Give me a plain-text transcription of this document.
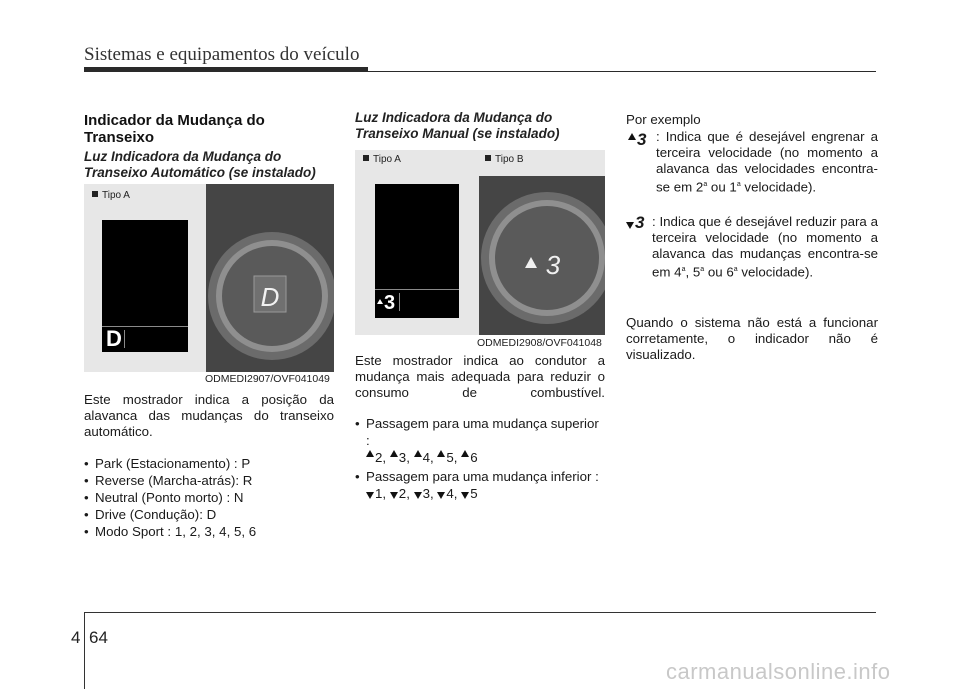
Sistemas e equipamentos do veículo
Indicador da Mudança do Transeixo
Luz Indicadora da Mudança do Transeixo Automático (se instalado)
Tipo A
D
D
ODMEDI2907/OVF041049
Este mostrador indica a posição da alavanca das mudanças do transeixo automático.
• Park (Estacionamento) : P
• Reverse (Marcha-atrás): R
• Neutral (Ponto morto) : N
• Drive (Condução): D
• Modo Sport : 1, 2, 3, 4, 5, 6
Luz Indicadora da Mudança do Transeixo Manual (se instalado)
Tipo A	Tipo B
3
3
ODMEDI2908/OVF041048
Este mostrador indica ao condutor a mudança mais adequada para reduzir o consumo de combustível.
• Passagem para uma mudança superior :
2, 3, 4, 5, 6
• Passagem para uma mudança inferior :
1, 2, 3, 4, 5
Por exemplo
3 : Indica que é desejável engrenar a terceira velocidade (no momento a alavanca das velocidades encontra-se em 2$^a$ ou 1$^a$ velocidade).
3 : Indica que é desejável reduzir para a terceira velocidade (no momento a alavanca das mudanças encontra-se em 4$^a$, 5$^a$ ou 6$^a$ velocidade).
Quando o sistema não está a funcionar corretamente, o indicador não é visualizado.
4 64
carmanualsonline.info
